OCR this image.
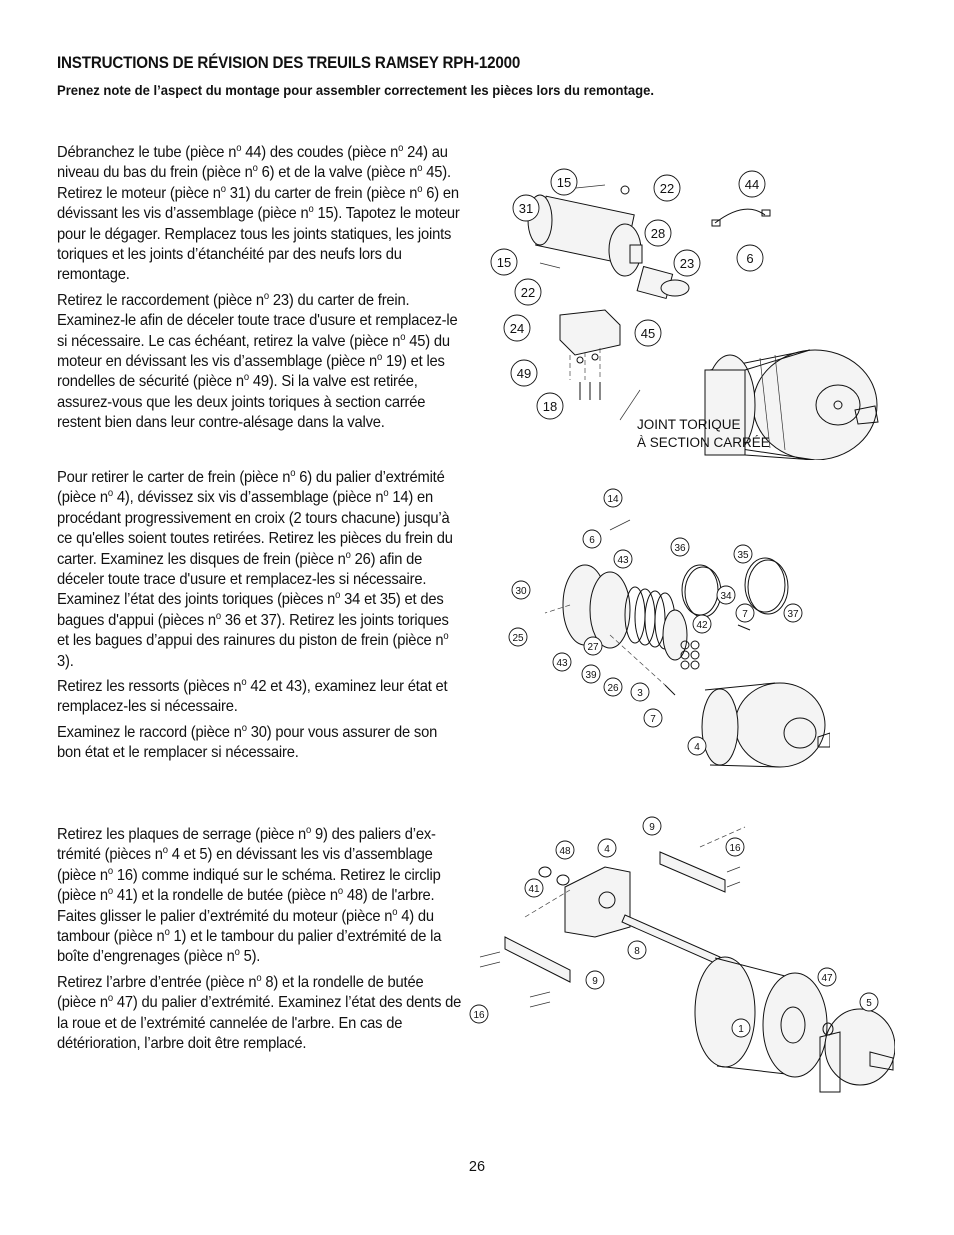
INSTRUCTIONS DE RÉVISION DES TREUILS RAMSEY RPH-12000
Prenez note de l’aspect du montage pour assembler correctement les pièces lors du remontage.

Débranchez le tube (pièce $n^o$ 44) des coudes (pièce $n^o$ 24) au niveau du bas du frein (pièce $n^o$ 6) et de la valve (pièce $n^o$ 45). Retirez le moteur (pièce $n^o$ 31) du carter de frein (pièce $n^o$ 6) en dévissant les vis d’assemblage (pièce $n^o$ 15). Tapotez le moteur pour le dégager. Remplacez tous les joints statiques, les joints toriques et les joints d’étanchéité par des neufs lors du remontage.

Retirez le raccordement (pièce $n^o$ 23) du carter de frein. Examinez-le afin de déceler toute trace d'usure et remplacez-le si nécessaire. Le cas échéant, retirez la valve (pièce $n^o$ 45) du moteur en dévissant les vis d’assemblage (pièce $n^o$ 19) et les rondelles de sécurité (pièce $n^o$ 49). Si la valve est retirée, assurez-vous que les deux joints toriques à section carrée restent bien dans leur contre-alésage dans la valve.

Pour retirer le carter de frein (pièce $n^o$ 6) du palier d’extrémité (pièce $n^o$ 4), dévissez six vis d’assemblage (pièce $n^o$ 14) en procédant progressivement en croix (2 tours chacune) jusqu’à ce qu'elles soient toutes retirées. Retirez les pièces du frein du carter. Examinez les disques de frein (pièce $n^o$ 26) afin de déceler toute trace d'usure et remplacez-les si nécessaire. Examinez l’état des joints toriques (pièces $n^o$ 34 et 35) et des bagues d'appui (pièces $n^o$ 36 et 37). Retirez les joints toriques et les bagues d’appui des rainures du piston de frein (pièce $n^o$ 3).

Retirez les ressorts (pièces $n^o$ 42 et 43), examinez leur état et remplacez-les si nécessaire.

Examinez le raccord (pièce $n^o$ 30) pour vous assurer de son bon état et le remplacer si nécessaire.

Retirez les plaques de serrage (pièce $n^o$ 9) des paliers d’ex-trémité (pièces $n^o$ 4 et 5) en dévissant les vis d’assemblage (pièce $n^o$ 16) comme indiqué sur le schéma. Retirez le circlip (pièce $n^o$ 41) et la rondelle de butée (pièce $n^o$ 48) de l'arbre. Faites glisser le palier d’extrémité du moteur (pièce $n^o$ 4) du tambour (pièce $n^o$ 1) et le tambour du palier d’extrémité de la boîte d’engrenages (pièce $n^o$ 5).

Retirez l’arbre d’entrée (pièce $n^o$ 8) et la rondelle de butée (pièce $n^o$ 47) du palier d’extrémité. Examinez l’état des dents de la roue et de l’extrémité cannelée de l'arbre. En cas de détérioration, l’arbre doit être remplacé.

15	22	44
31
28
15	23	6
22
24	45
49
18
JOINT TORIQUE
À SECTION CARRÉE
14
6
43
36
35
30	34
7	37
42
25
27
43
39
26 3
7
4
9
48	4	16
41
8
9	47
16
5
1
26
